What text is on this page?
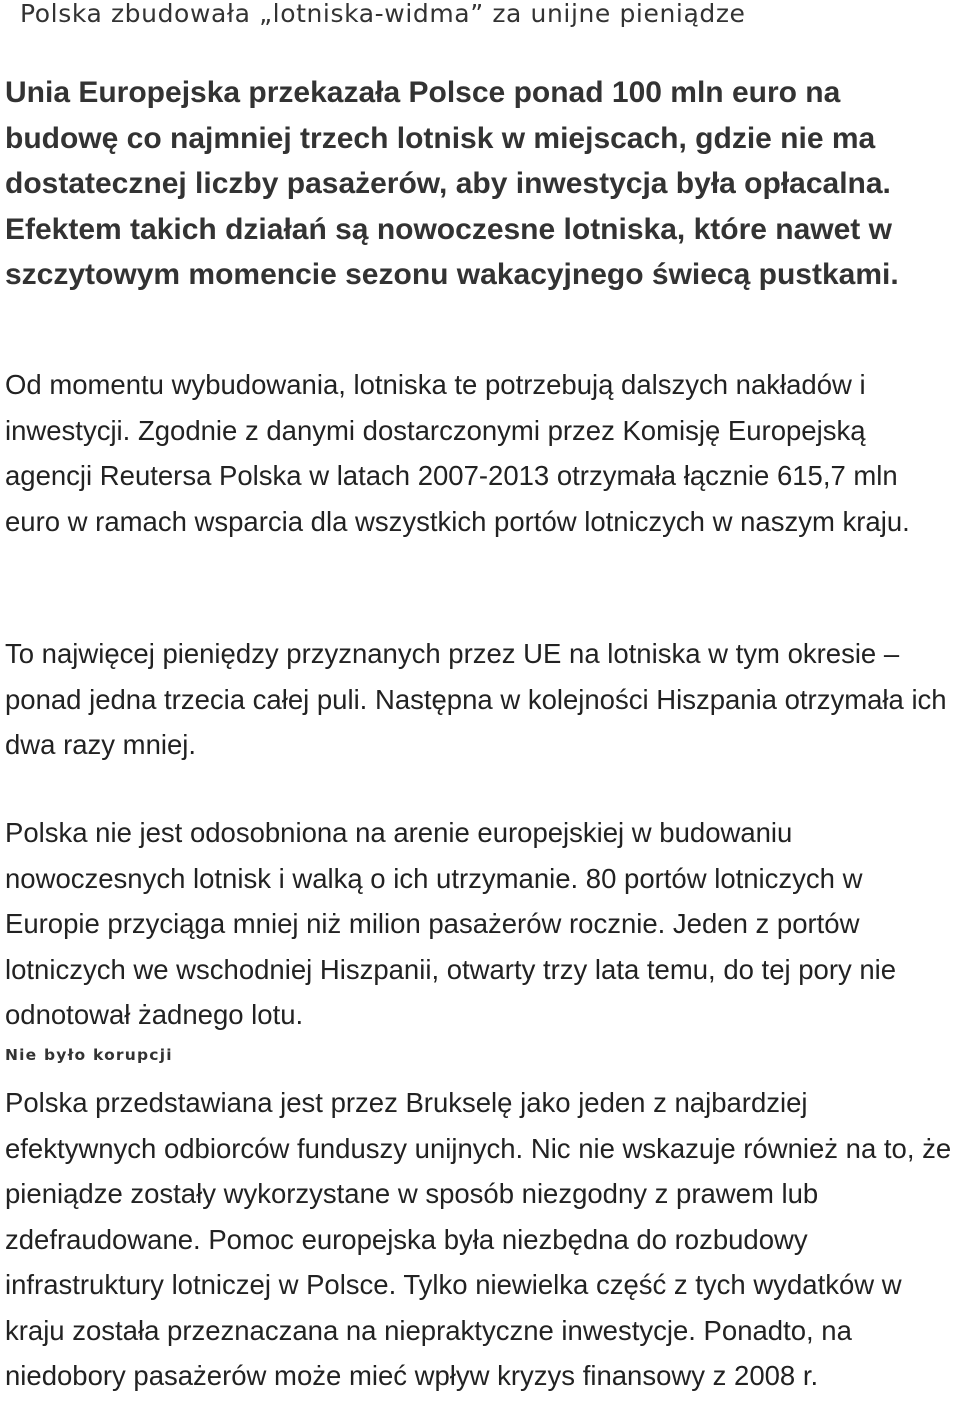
Polska zbudowała „lotniska-widma” za unijne pieniądze

Unia Europejska przekazała Polsce ponad 100 mln euro na budowę co najmniej trzech lotnisk w miejscach, gdzie nie ma dostatecznej liczby pasażerów, aby inwestycja była opłacalna. Efektem takich działań są nowoczesne lotniska, które nawet w szczytowym momencie sezonu wakacyjnego świecą pustkami.

Od momentu wybudowania, lotniska te potrzebują dalszych nakładów i inwestycji. Zgodnie z danymi dostarczonymi przez Komisję Europejską agencji Reutersa Polska w latach 2007-2013 otrzymała łącznie 615,7 mln euro w ramach wsparcia dla wszystkich portów lotniczych w naszym kraju.

To najwięcej pieniędzy przyznanych przez UE na lotniska w tym okresie – ponad jedna trzecia całej puli. Następna w kolejności Hiszpania otrzymała ich dwa razy mniej.

Polska nie jest odosobniona na arenie europejskiej w budowaniu nowoczesnych lotnisk i walką o ich utrzymanie. 80 portów lotniczych w Europie przyciąga mniej niż milion pasażerów rocznie. Jeden z portów lotniczych we wschodniej Hiszpanii, otwarty trzy lata temu, do tej pory nie odnotował żadnego lotu.

Nie było korupcji

Polska przedstawiana jest przez Brukselę jako jeden z najbardziej efektywnych odbiorców funduszy unijnych. Nic nie wskazuje również na to, że pieniądze zostały wykorzystane w sposób niezgodny z prawem lub zdefraudowane. Pomoc europejska była niezbędna do rozbudowy infrastruktury lotniczej w Polsce. Tylko niewielka część z tych wydatków w kraju została przeznaczana na niepraktyczne inwestycje. Ponadto, na niedobory pasażerów może mieć wpływ kryzys finansowy z 2008 r.
